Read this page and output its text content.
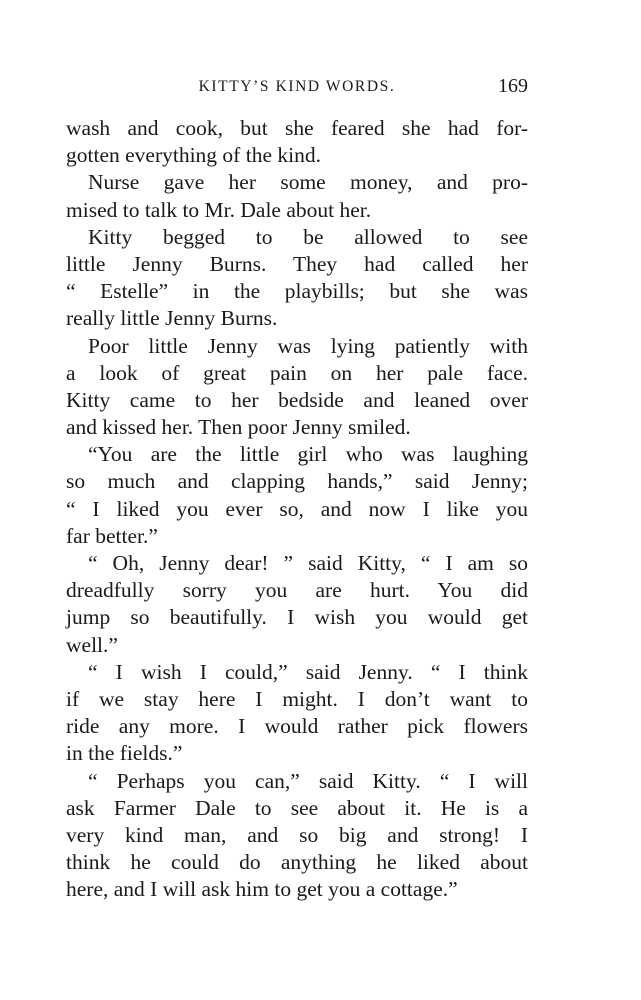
KITTY’S KIND WORDS.	169
wash and cook, but she feared she had for-
gotten everything of the kind.
Nurse gave her some money, and pro-
mised to talk to Mr. Dale about her.
Kitty begged to be allowed to see
little Jenny Burns. They had called her
“ Estelle” in the playbills; but she was
really little Jenny Burns.
Poor little Jenny was lying patiently with
a look of great pain on her pale face.
Kitty came to her bedside and leaned over
and kissed her. Then poor Jenny smiled.
“You are the little girl who was laughing
so much and clapping hands,” said Jenny;
“ I liked you ever so, and now I like you
far better.”
“ Oh, Jenny dear! ” said Kitty, “ I am so
dreadfully sorry you are hurt. You did
jump so beautifully. I wish you would get
well.”
“ I wish I could,” said Jenny. “ I think
if we stay here I might. I don’t want to
ride any more. I would rather pick flowers
in the fields.”
“ Perhaps you can,” said Kitty. “ I will
ask Farmer Dale to see about it. He is a
very kind man, and so big and strong! I
think he could do anything he liked about
here, and I will ask him to get you a cottage.”
